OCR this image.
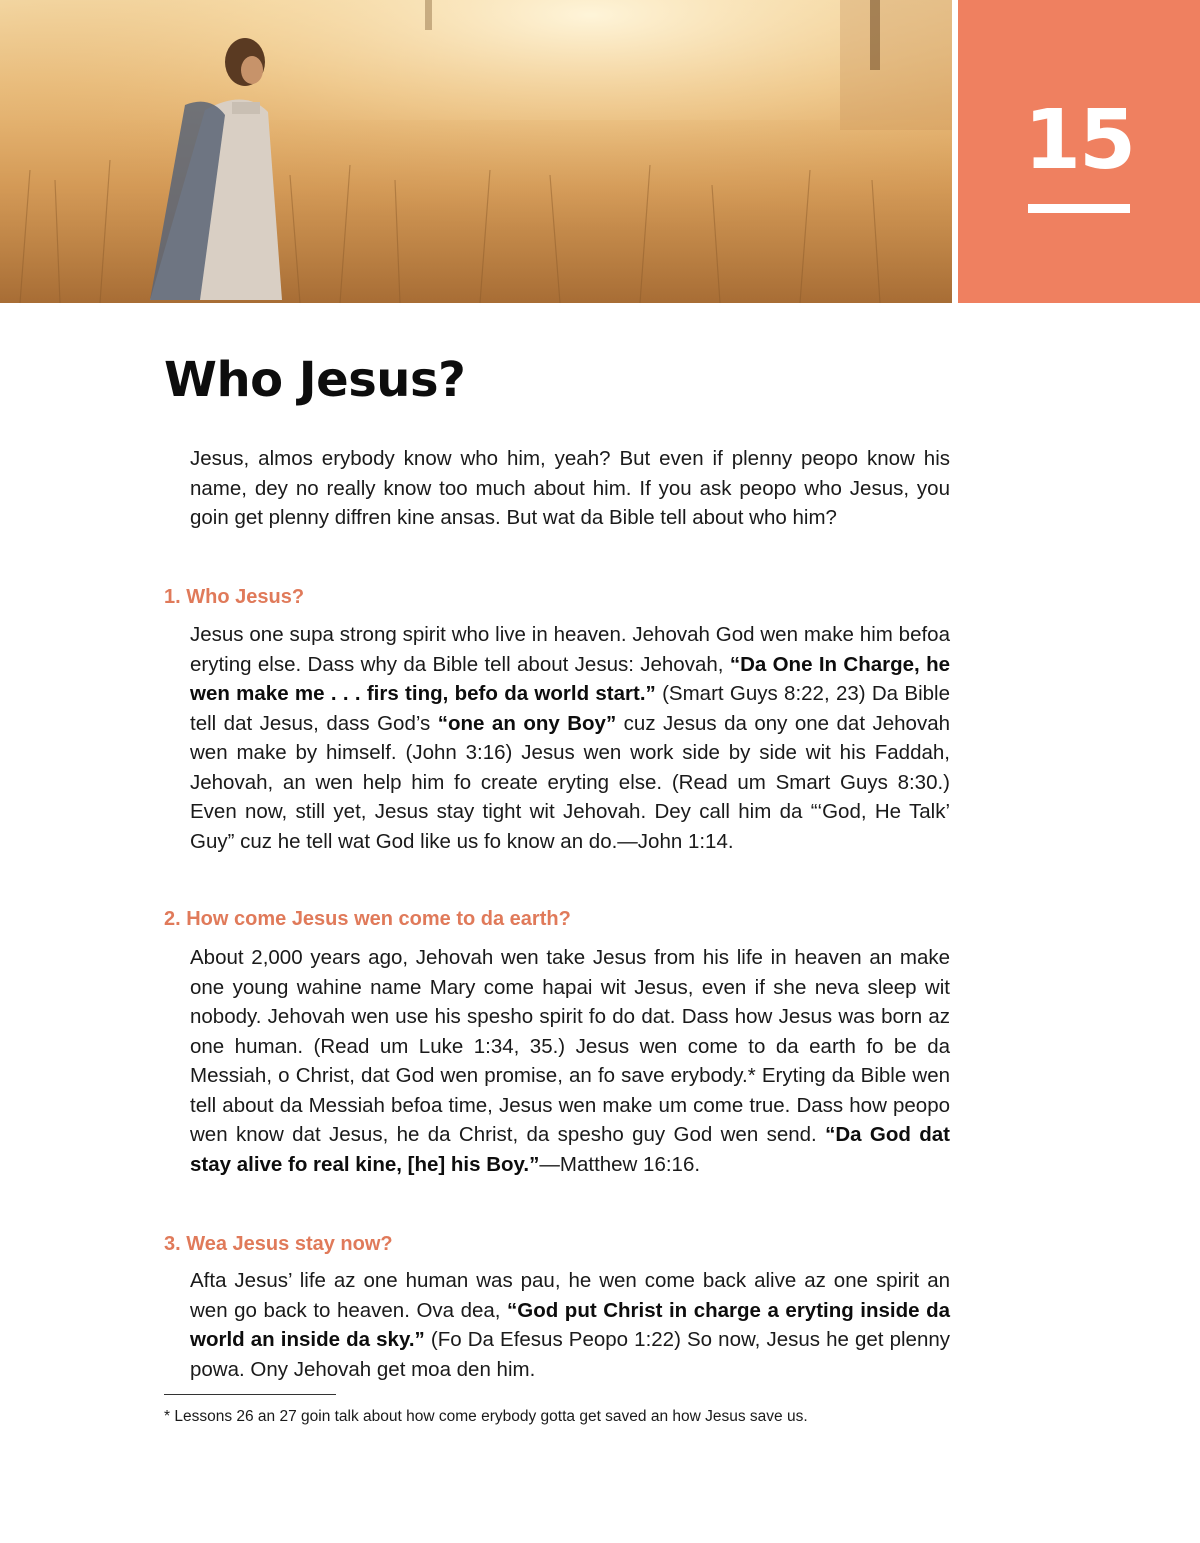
15
Who Jesus?

Jesus, almos erybody know who him, yeah? But even if plenny peopo know his name, dey no really know too much about him. If you ask peopo who Jesus, you goin get plenny diffren kine ansas. But wat da Bible tell about who him?

1. Who Jesus?

Jesus one supa strong spirit who live in heaven. Jehovah God wen make him befoa eryting else. Dass why da Bible tell about Jesus: Jehovah, “Da One In Charge, he wen make me . . . firs ting, befo da world start.” (Smart Guys 8:22, 23) Da Bible tell dat Jesus, dass God’s “one an ony Boy” cuz Jesus da ony one dat Jehovah wen make by himself. (John 3:16) Jesus wen work side by side wit his Faddah, Jehovah, an wen help him fo create eryting else. (Read um Smart Guys 8:30.) Even now, still yet, Jesus stay tight wit Jehovah. Dey call him da “‘God, He Talk’ Guy” cuz he tell wat God like us fo know an do.—John 1:14.

2. How come Jesus wen come to da earth?

About 2,000 years ago, Jehovah wen take Jesus from his life in heaven an make one young wahine name Mary come hapai wit Jesus, even if she neva sleep wit nobody. Jehovah wen use his spesho spirit fo do dat. Dass how Jesus was born az one human. (Read um Luke 1:34, 35.) Jesus wen come to da earth fo be da Messiah, o Christ, dat God wen promise, an fo save erybody.* Eryting da Bible wen tell about da Messiah befoa time, Jesus wen make um come true. Dass how peopo wen know dat Jesus, he da Christ, da spesho guy God wen send. “Da God dat stay alive fo real kine, [he] his Boy.”—Matthew 16:16.

3. Wea Jesus stay now?

Afta Jesus’ life az one human was pau, he wen come back alive az one spirit an wen go back to heaven. Ova dea, “God put Christ in charge a eryting inside da world an inside da sky.” (Fo Da Efesus Peopo 1:22) So now, Jesus he get plenny powa. Ony Jehovah get moa den him.

* Lessons 26 an 27 goin talk about how come erybody gotta get saved an how Jesus save us.
